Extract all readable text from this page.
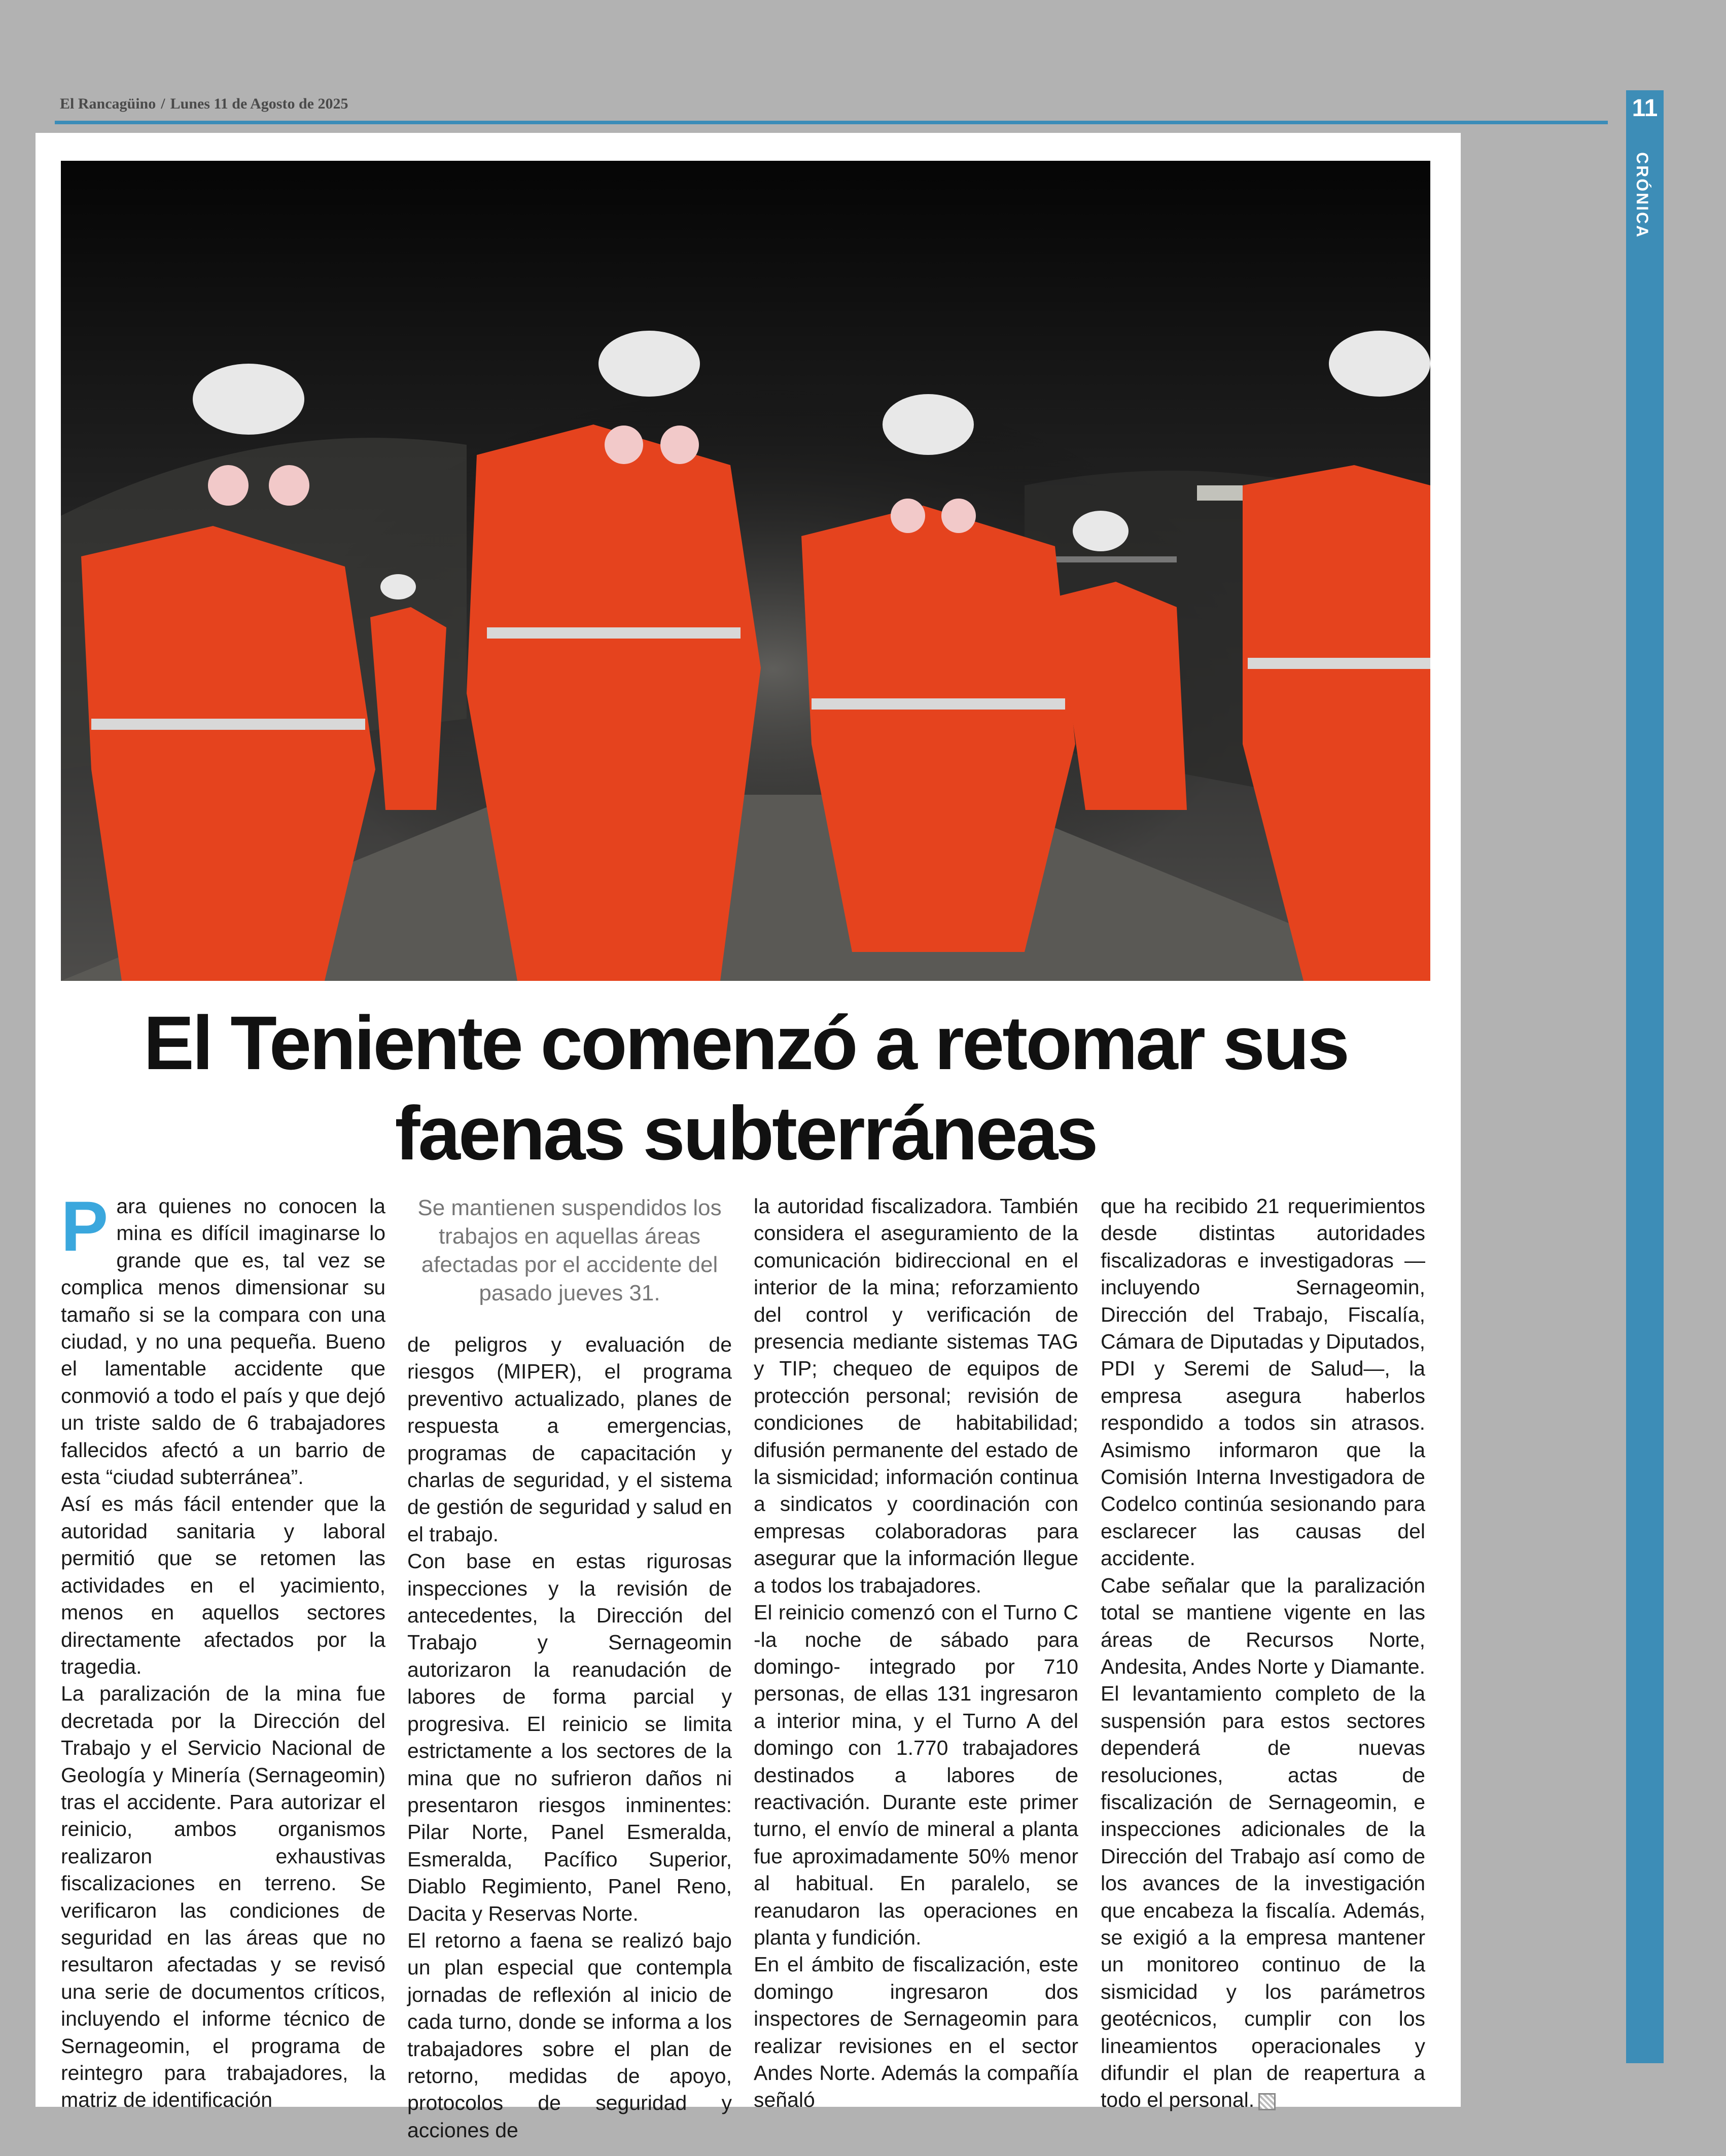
El Rancagüino / Lunes 11 de Agosto de 2025	11
CRÓNICA
El Teniente comenzó a retomar sus
faenas subterráneas

Para quienes no conocen la mina es difícil imaginarse lo grande que es, tal vez se complica menos dimensionar su tamaño si se la compara con una ciudad, y no una pequeña. Bueno el lamentable accidente que conmovió a todo el país y que dejó un triste saldo de 6 trabajadores fallecidos afectó a un barrio de esta “ciudad subterránea”.

Así es más fácil entender que la autoridad sanitaria y laboral permitió que se retomen las actividades en el yacimiento, menos en aquellos sectores directamente afectados por la tragedia.

La paralización de la mina fue decretada por la Dirección del Trabajo y el Servicio Nacional de Geología y Minería (Sernageomin) tras el accidente. Para autorizar el reinicio, ambos organismos realizaron exhaustivas fiscalizaciones en terreno. Se verificaron las condiciones de seguridad en las áreas que no resultaron afectadas y se revisó una serie de documentos críticos, incluyendo el informe técnico de Sernageomin, el programa de reintegro para trabajadores, la matriz de identificación

Se mantienen suspendidos los trabajos en aquellas áreas afectadas por el accidente del pasado jueves 31.

de peligros y evaluación de riesgos (MIPER), el programa preventivo actualizado, planes de respuesta a emergencias, programas de capacitación y charlas de seguridad, y el sistema de gestión de seguridad y salud en el trabajo.

Con base en estas rigurosas inspecciones y la revisión de antecedentes, la Dirección del Trabajo y Sernageomin autorizaron la reanudación de labores de forma parcial y progresiva. El reinicio se limita estrictamente a los sectores de la mina que no sufrieron daños ni presentaron riesgos inminentes: Pilar Norte, Panel Esmeralda, Esmeralda, Pacífico Superior, Diablo Regimiento, Panel Reno, Dacita y Reservas Norte.

El retorno a faena se realizó bajo un plan especial que contempla jornadas de reflexión al inicio de cada turno, donde se informa a los trabajadores sobre el plan de retorno, medidas de apoyo, protocolos de seguridad y acciones de

la autoridad fiscalizadora. También considera el aseguramiento de la comunicación bidireccional en el interior de la mina; reforzamiento del control y verificación de presencia mediante sistemas TAG y TIP; chequeo de equipos de protección personal; revisión de condiciones de habitabilidad; difusión permanente del estado de la sismicidad; información continua a sindicatos y coordinación con empresas colaboradoras para asegurar que la información llegue a todos los trabajadores.

El reinicio comenzó con el Turno C -la noche de sábado para domingo- integrado por 710 personas, de ellas 131 ingresaron a interior mina, y el Turno A del domingo con 1.770 trabajadores destinados a labores de reactivación. Durante este primer turno, el envío de mineral a planta fue aproximadamente 50% menor al habitual. En paralelo, se reanudaron las operaciones en planta y fundición.

En el ámbito de fiscalización, este domingo ingresaron dos inspectores de Sernageomin para realizar revisiones en el sector Andes Norte. Además la compañía señaló

que ha recibido 21 requerimientos desde distintas autoridades fiscalizadoras e investigadoras —incluyendo Sernageomin, Dirección del Trabajo, Fiscalía, Cámara de Diputadas y Diputados, PDI y Seremi de Salud—, la empresa asegura haberlos respondido a todos sin atrasos. Asimismo informaron que la Comisión Interna Investigadora de Codelco continúa sesionando para esclarecer las causas del accidente.

Cabe señalar que la paralización total se mantiene vigente en las áreas de Recursos Norte, Andesita, Andes Norte y Diamante. El levantamiento completo de la suspensión para estos sectores dependerá de nuevas resoluciones, actas de fiscalización de Sernageomin, e inspecciones adicionales de la Dirección del Trabajo así como de los avances de la investigación que encabeza la fiscalía. Además, se exigió a la empresa mantener un monitoreo continuo de la sismicidad y los parámetros geotécnicos, cumplir con los lineamientos operacionales y difundir el plan de reapertura a todo el personal.
